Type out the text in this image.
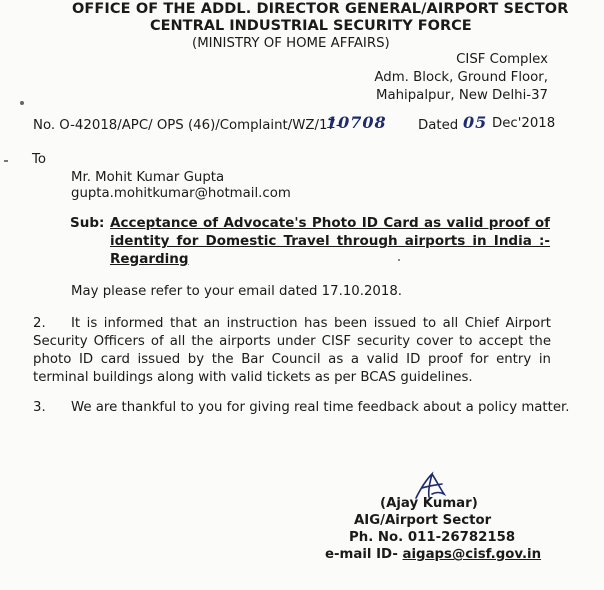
OFFICE OF THE ADDL. DIRECTOR GENERAL/AIRPORT SECTOR
CENTRAL INDUSTRIAL SECURITY FORCE
(MINISTRY OF HOME AFFAIRS)
CISF Complex
Adm. Block, Ground Floor,
Mahipalpur, New Delhi-37
No. O-42018/APC/ OPS (46)/Complaint/WZ/17-
10708 Dated 05 Dec'2018
To
Mr. Mohit Kumar Gupta
gupta.mohitkumar@hotmail.com
Sub: Acceptance of Advocate's Photo ID Card as valid proof of identity for Domestic Travel through airports in India :- Regarding
May please refer to your email dated 17.10.2018.
2. It is informed that an instruction has been issued to all Chief Airport Security Officers of all the airports under CISF security cover to accept the photo ID card issued by the Bar Council as a valid ID proof for entry in terminal buildings along with valid tickets as per BCAS guidelines.
3. We are thankful to you for giving real time feedback about a policy matter.
(Ajay Kumar)
AIG/Airport Sector
Ph. No. 011-26782158
e-mail ID- aigaps@cisf.gov.in
